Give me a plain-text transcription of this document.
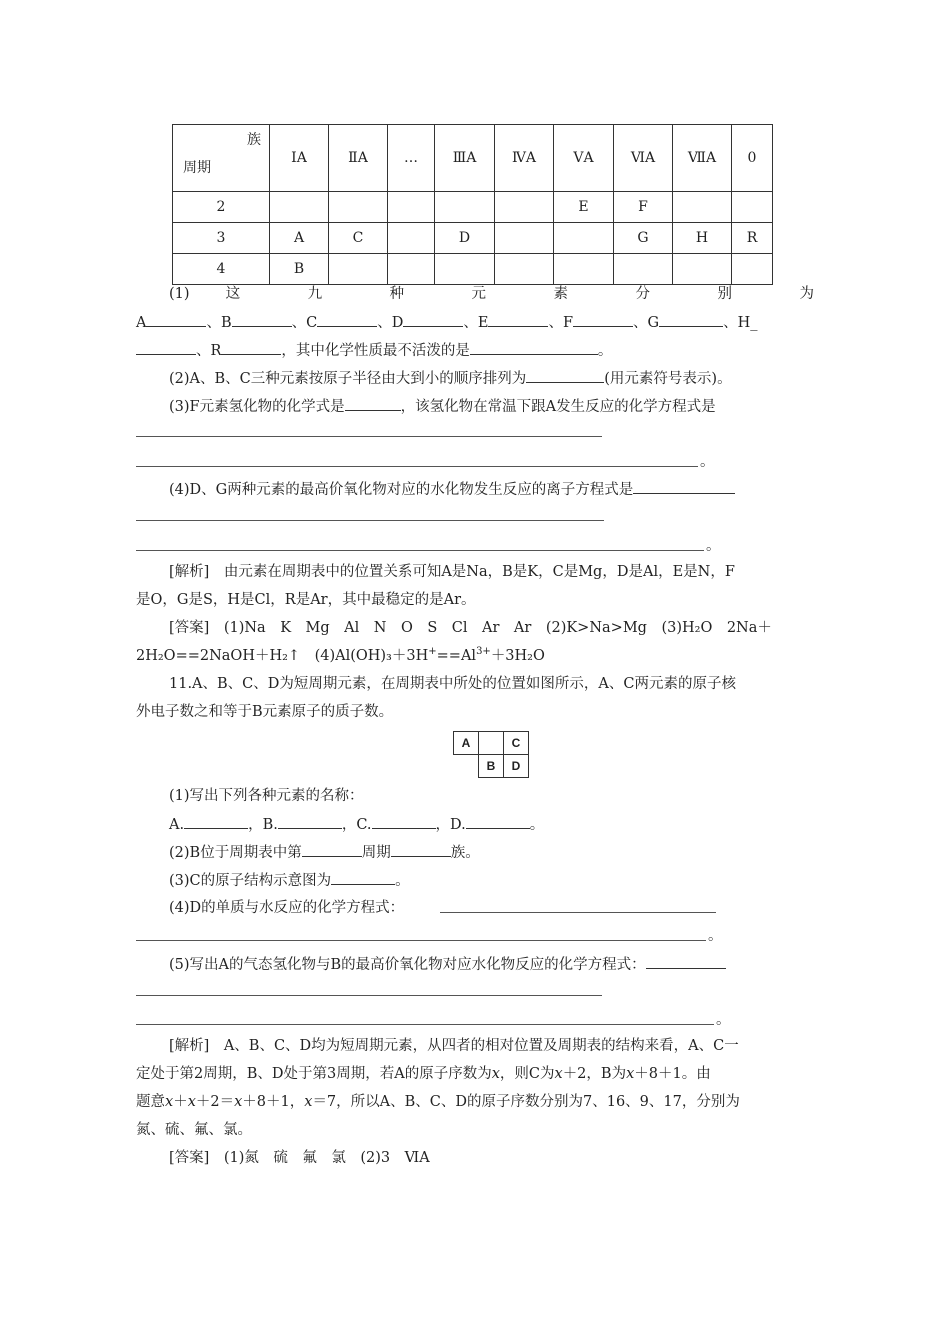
族
周期	ⅠA	ⅡA	…	ⅢA	ⅣA	ⅤA	ⅥA	ⅦA	0
2						E	F		
3	A	C		D			G	H	R
4	B								
(1) 这 九 种 元 素 分 别 为
A	、B	、C	、D	、E	、F	、G	、H_
、R	，其中化学性质最不活泼的是	。
(2)A、B、C三种元素按原子半径由大到小的顺序排列为	(用元素符号表示)。
(3)F元素氢化物的化学式是	，该氢化物在常温下跟A发生反应的化学方程式是
。
(4)D、G两种元素的最高价氧化物对应的水化物发生反应的离子方程式是
。
[解析]　 由元素在周期表中的位置关系可知A是Na，B是K，C是Mg，D是Al，E是N，F
是O，G是S，H是Cl，R是Ar，其中最稳定的是Ar。
[答案]　 (1)Na　K　Mg　Al　N　O　S　Cl　Ar　Ar　(2)K>Na>Mg　(3)H₂O　2Na＋
2H₂O==2NaOH＋H₂↑　$(4)Al(OH)_3+3H^+==Al^{3+}+3H_2O$
11.A、B、C、D为短周期元素，在周期表中所处的位置如图所示，A、C两元素的原子核
外电子数之和等于B元素原子的质子数。
A		C
	B	D
(1)写出下列各种元素的名称：
A.	，B.	，C.	，D.	。
(2)B位于周期表中第	周期	族。
(3)C的原子结构示意图为	。
(4)D的单质与水反应的化学方程式：
。
(5)写出A的气态氢化物与B的最高价氧化物对应水化物反应的化学方程式：
。
[解析]　 A、B、C、D均为短周期元素，从四者的相对位置及周期表的结构来看，A、C一
定处于第2周期，B、D处于第3周期，若A的原子序数为x，则C为x＋2，B为x＋8＋1。由
题意x＋x＋2＝x＋8＋1，x＝7，所以A、B、C、D的原子序数分别为7、16、9、17，分别为
氮、硫、氟、氯。
[答案]　 (1)氮　硫　氟　氯　(2)3　ⅥA
